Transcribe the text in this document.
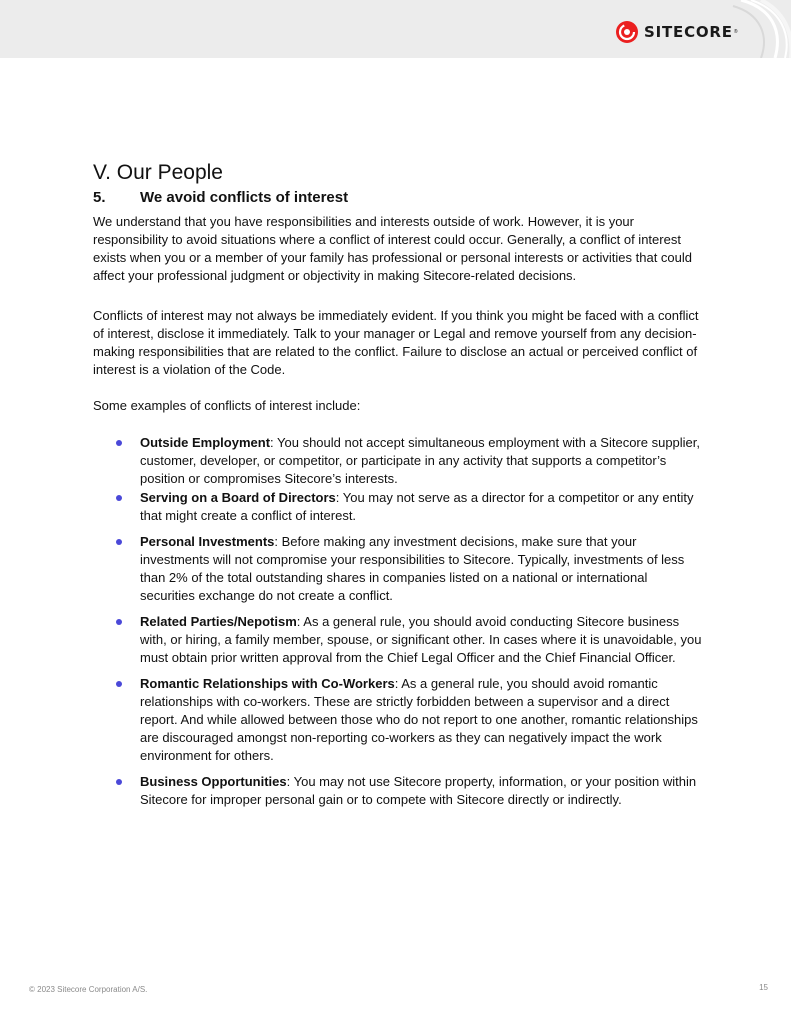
SITECORE ®
V. Our People
5.	We avoid conflicts of interest

We understand that you have responsibilities and interests outside of work. However, it is your responsibility to avoid situations where a conflict of interest could occur. Generally, a conflict of interest exists when you or a member of your family has professional or personal interests or activities that could affect your professional judgment or objectivity in making Sitecore-related decisions.

Conflicts of interest may not always be immediately evident. If you think you might be faced with a conflict of interest, disclose it immediately. Talk to your manager or Legal and remove yourself from any decision-making responsibilities that are related to the conflict. Failure to disclose an actual or perceived conflict of interest is a violation of the Code.

Some examples of conflicts of interest include:

Outside Employment: You should not accept simultaneous employment with a Sitecore supplier, customer, developer, or competitor, or participate in any activity that supports a competitor’s position or compromises Sitecore’s interests.
Serving on a Board of Directors: You may not serve as a director for a competitor or any entity that might create a conflict of interest.
Personal Investments: Before making any investment decisions, make sure that your investments will not compromise your responsibilities to Sitecore. Typically, investments of less than 2% of the total outstanding shares in companies listed on a national or international securities exchange do not create a conflict.
Related Parties/Nepotism: As a general rule, you should avoid conducting Sitecore business with, or hiring, a family member, spouse, or significant other. In cases where it is unavoidable, you must obtain prior written approval from the Chief Legal Officer and the Chief Financial Officer.
Romantic Relationships with Co-Workers: As a general rule, you should avoid romantic relationships with co-workers. These are strictly forbidden between a supervisor and a direct report. And while allowed between those who do not report to one another, romantic relationships are discouraged amongst non-reporting co-workers as they can negatively impact the work environment for others.
Business Opportunities: You may not use Sitecore property, information, or your position within Sitecore for improper personal gain or to compete with Sitecore directly or indirectly.
© 2023 Sitecore Corporation A/S.	15
